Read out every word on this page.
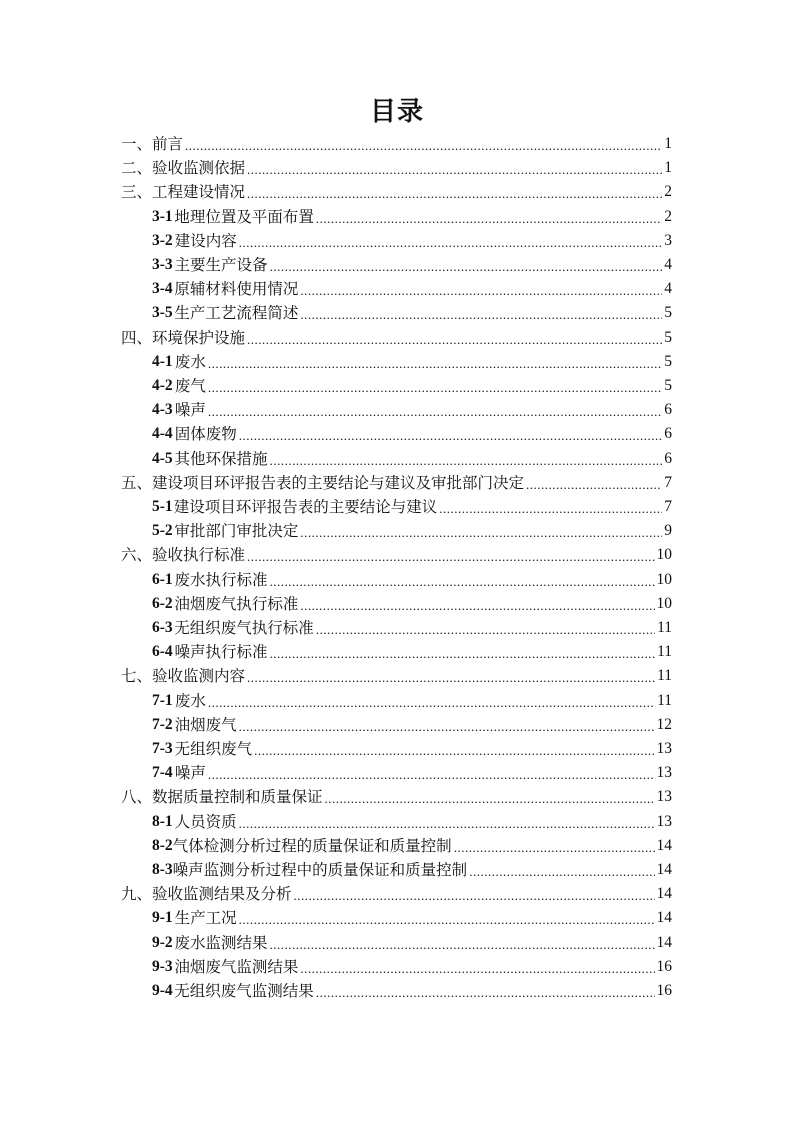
目录
一、前言 .....	1
二、验收监测依据 .....	1
三、工程建设情况 .....	2
3-1 地理位置及平面布置 .....	2
3-2 建设内容 .....	3
3-3 主要生产设备 .....	4
3-4 原辅材料使用情况 .....	4
3-5 生产工艺流程简述 .....	5
四、环境保护设施 .....	5
4-1 废水 .....	5
4-2 废气 .....	5
4-3 噪声 .....	6
4-4 固体废物 .....	6
4-5 其他环保措施 .....	6
五、建设项目环评报告表的主要结论与建议及审批部门决定 .....	7
5-1 建设项目环评报告表的主要结论与建议 .....	7
5-2 审批部门审批决定 .....	9
六、验收执行标准 .....	10
6-1 废水执行标准 .....	10
6-2 油烟废气执行标准 .....	10
6-3 无组织废气执行标准 .....	11
6-4 噪声执行标准 .....	11
七、验收监测内容 .....	11
7-1 废水 .....	11
7-2 油烟废气 .....	12
7-3 无组织废气 .....	13
7-4 噪声 .....	13
八、数据质量控制和质量保证 .....	13
8-1 人员资质 .....	13
8-2 气体检测分析过程的质量保证和质量控制 .....	14
8-3 噪声监测分析过程中的质量保证和质量控制 .....	14
九、验收监测结果及分析 .....	14
9-1 生产工况 .....	14
9-2 废水监测结果 .....	14
9-3 油烟废气监测结果 .....	16
9-4 无组织废气监测结果 .....	16
